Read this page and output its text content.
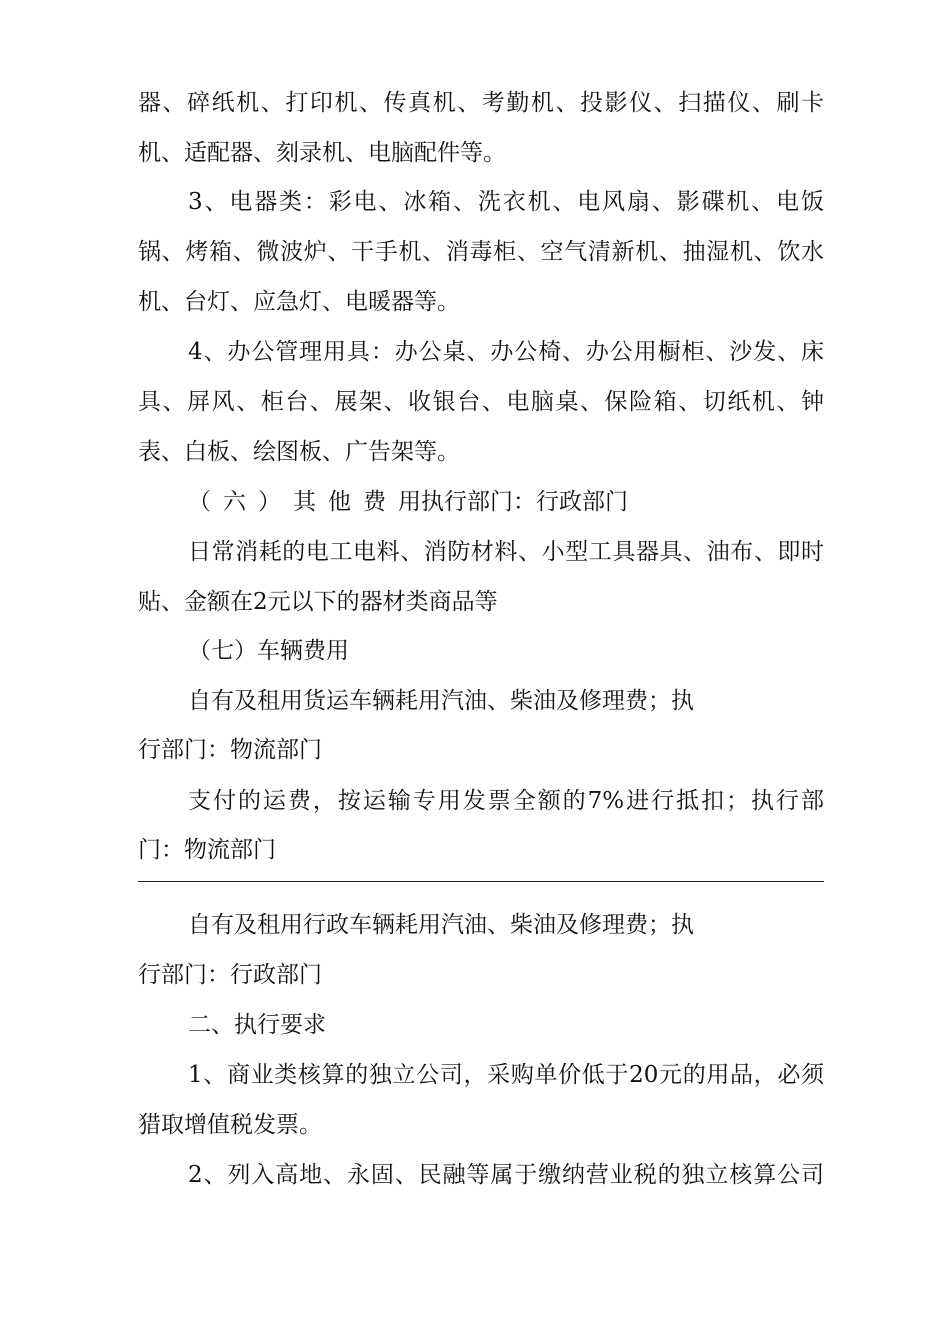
器、碎纸机、打印机、传真机、考勤机、投影仪、扫描仪、刷卡
机、适配器、刻录机、电脑配件等。
3、电器类：彩电、冰箱、洗衣机、电风扇、影碟机、电饭
锅、烤箱、微波炉、干手机、消毒柜、空气清新机、抽湿机、饮水
机、台灯、应急灯、电暖器等。
4、办公管理用具：办公桌、办公椅、办公用橱柜、沙发、床
具、屏风、柜台、展架、收银台、电脑桌、保险箱、切纸机、钟
表、白板、绘图板、广告架等。
（六）其他费用执行部门：行政部门
日常消耗的电工电料、消防材料、小型工具器具、油布、即时
贴、金额在2元以下的器材类商品等
（七）车辆费用
自有及租用货运车辆耗用汽油、柴油及修理费；执
行部门：物流部门
支付的运费，按运输专用发票全额的7%进行抵扣；执行部
门：物流部门
自有及租用行政车辆耗用汽油、柴油及修理费；执
行部门：行政部门
二、执行要求
1、商业类核算的独立公司，采购单价低于20元的用品，必须
猎取增值税发票。
2、列入高地、永固、民融等属于缴纳营业税的独立核算公司
